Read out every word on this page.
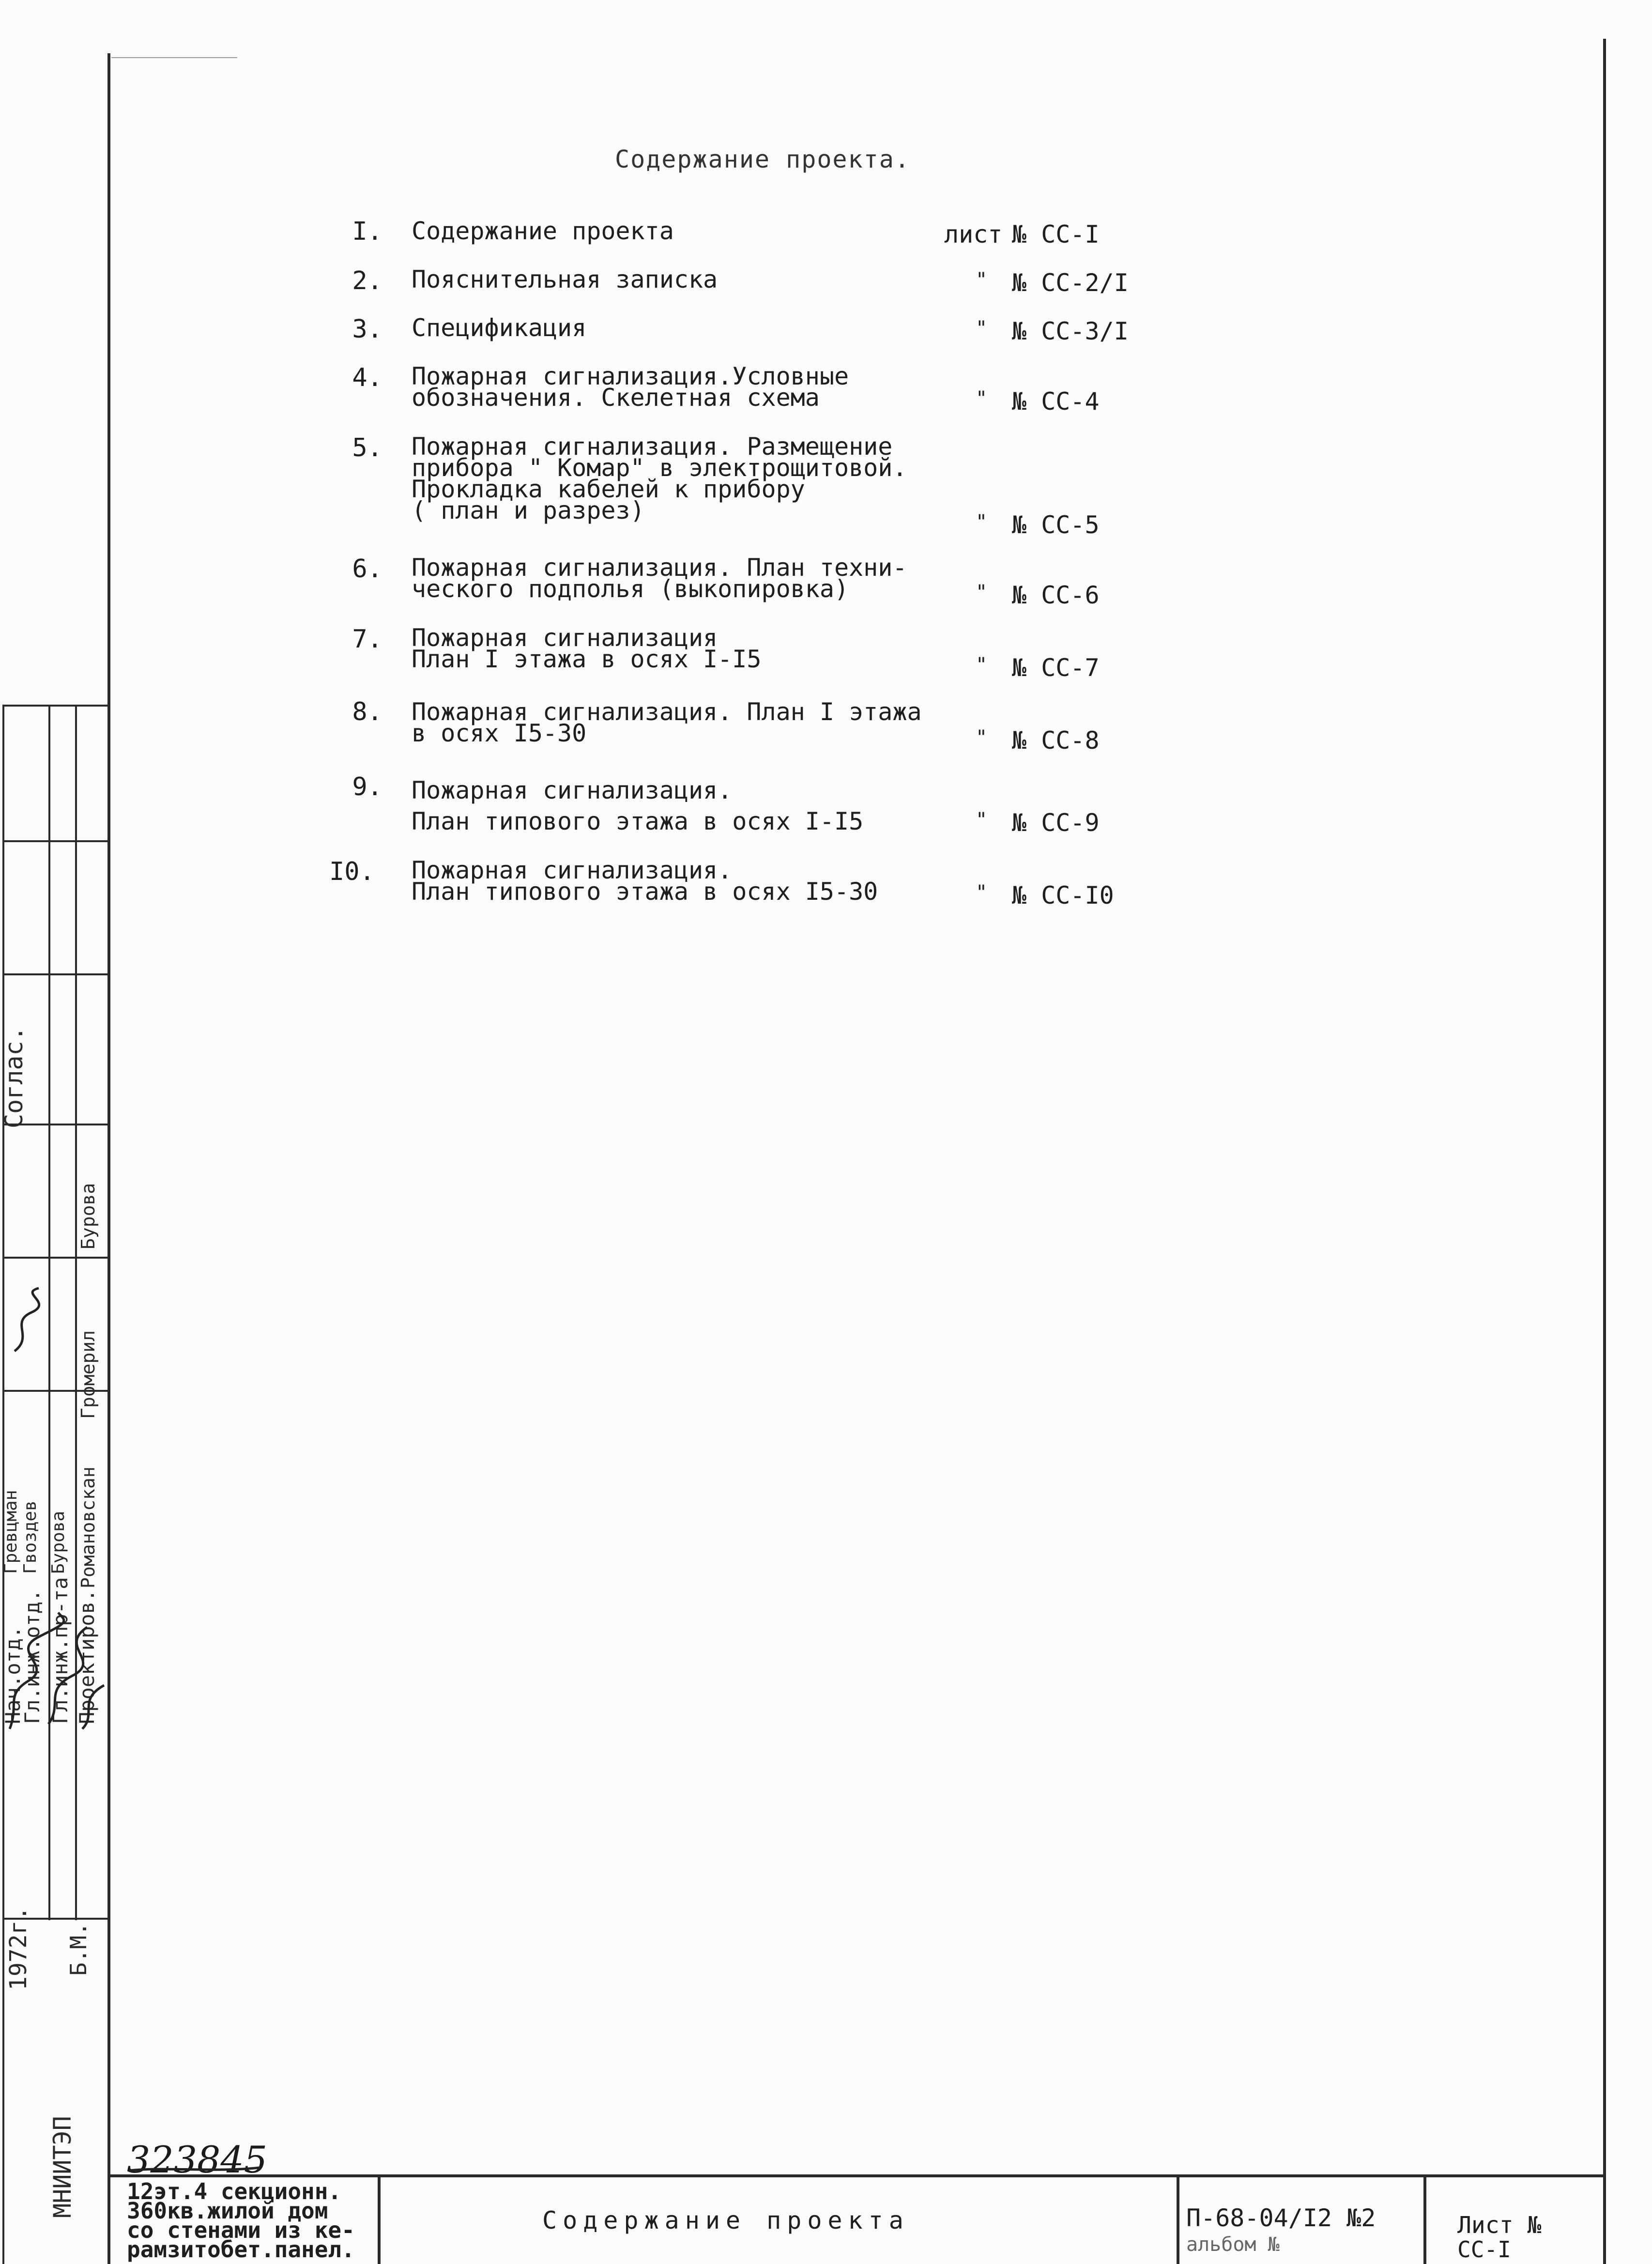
Содержание проекта.
I. Содержание проекта	лист № СС-I
2. Пояснительная записка	" № СС-2/I
3. Спецификация	" № СС-3/I
4. Пожарная сигнализация.Условные
обозначения. Скелетная схема	" № СС-4
5. Пожарная сигнализация. Размещение
прибора " Комар" в электрощитовой.
Прокладка кабелей к прибору
( план и разрез)	" № СС-5
6. Пожарная сигнализация. План техни-
ческого подполья (выкопировка)	" № СС-6
7. Пожарная сигнализация
План I этажа в осях I-I5	" № СС-7
8. Пожарная сигнализация. План I этажа
в осях I5-30	" № СС-8
9. Пожарная сигнализация.
План типового этажа в осях I-I5	" № СС-9
I0. Пожарная сигнализация.
План типового этажа в осях I5-30	" № СС-I0
Соглас.
Нач.отд.
Гл.инж.отд. Гл.инж.пр-та Проектиров.
Бурова
Громерил
Гревцман Гвоздев Бурова Романовскан
1972г. Б.М.
МНИИТЭП 323845
12эт.4 секционн.
360кв.жилой дом
со стенами из ке-
рамзитобет.панел.
Содержание проекта	П-68-04/I2 №2
альбом №
Лист №
СС-I
